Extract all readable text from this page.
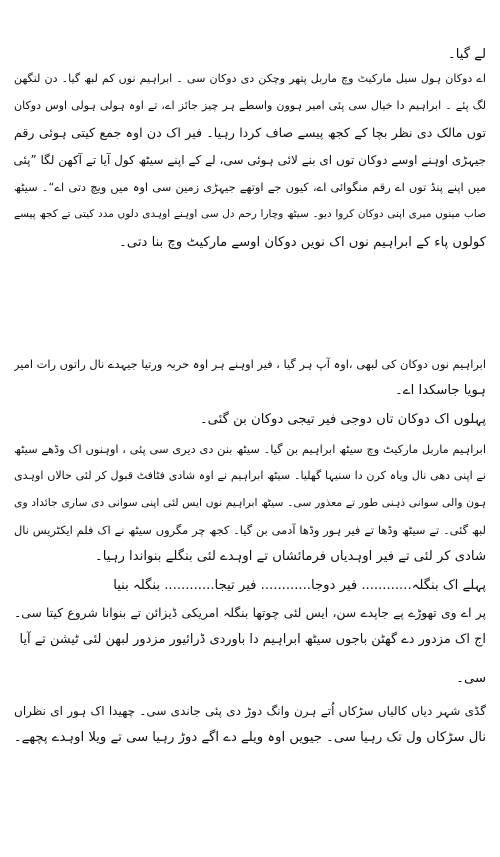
لے گیا۔
اے دوکان ہول سیل مارکیٹ وچ ماربل پتھر وچکن دی دوکان سی ۔ ابراہیم نوں کم لبھ گیا۔ دن لنگھن
لگ پئے ۔ ابراہیم دا خیال سی پئی امیر ہوون واسطے ہر چیز جائز اے، تے اوہ ہولی ہولی اوس دوکان
توں مالک دی نظر بچا کے کجھ پیسے صاف کردا رہیا۔ فیر اک دن اوہ جمع کیتی ہوئی رقم
جیہڑی اوہنے اوسے دوکان توں ای بنے لائی ہوئی سی، لے کے اپنے سیٹھ کول آیا تے آکھن لگا ”پئی
میں اپنے پنڈ توں اے رقم منگوائی اے، کیوں جے اوتھے جیہڑی زمین سی اوہ میں ویچ دتی اے“۔ سیٹھ
صاب مینوں میری اپنی دوکان کروا دیو۔ سیٹھ وچارا رحم دل سی اوہنے اوہدی دلوں مدد کیتی تے کجھ پیسے
کولوں پاء کے ابراہیم نوں اک نویں دوکان اوسے مارکیٹ وچ بنا دتی۔
ابراہیم نوں دوکان کی لبھی ،اوہ آپ ہر گیا ، فیر اوہنے ہر اوہ حربہ ورتیا جیہدے نال راتوں رات امیر
ہویا جاسکدا اے۔
پہلوں اک دوکان تاں دوجی فیر تیجی دوکان بن گئی۔
ابراہیم ماربل مارکیٹ وچ سیٹھ ابراہیم بن گیا۔ سیٹھ بنن دی دیری سی پئی ، اوہنوں اک وڈھے سیٹھ
نے اپنی دھی نال ویاہ کرن دا سنیہا گھلیا۔ سیٹھ ابراہیم نے اوہ شادی فٹافٹ قبول کر لئی حالاں اوہدی
ہون والی سوانی ذہنی طور تے معذور سی۔ سیٹھ ابراہیم نوں ایس لئی اپنی سوانی دی ساری جائداد وی
لبھ گئی۔ تے سیٹھ وڈھا تے فیر ہور وڈھا آدمی بن گیا۔ کجھ چر مگروں سیٹھ نے اک فلم ایکٹریس نال
شادی کر لئی تے فیر اوہدیاں فرمائشاں تے اوہدے لئی بنگلے بنواندا رہیا۔
پہلے اک بنگلہ............ فیر دوجا............ فیر تیجا............ بنگلہ بنیا
پر اے وی تھوڑے پے جاپدے سن، ایس لئی چوتھا بنگلہ امریکی ڈیزائن تے بنوانا شروع کیتا سی۔
اج اک مزدور دے گھٹن باجوں سیٹھ ابراہیم دا باوردی ڈرائیور مزدور لبھن لئی ٹیشن تے آیا
سی۔
گڈی شہر دیاں کالیاں سڑکاں اُتے ہرن وانگ دوڑ دی پئی جاندی سی۔ چھیدا اک ہور ای نظراں
نال سڑکاں ول تک رہیا سی۔ جیویں اوہ ویلے دے اگے دوڑ رہیا سی تے ویلا اوہدے پچھے۔
